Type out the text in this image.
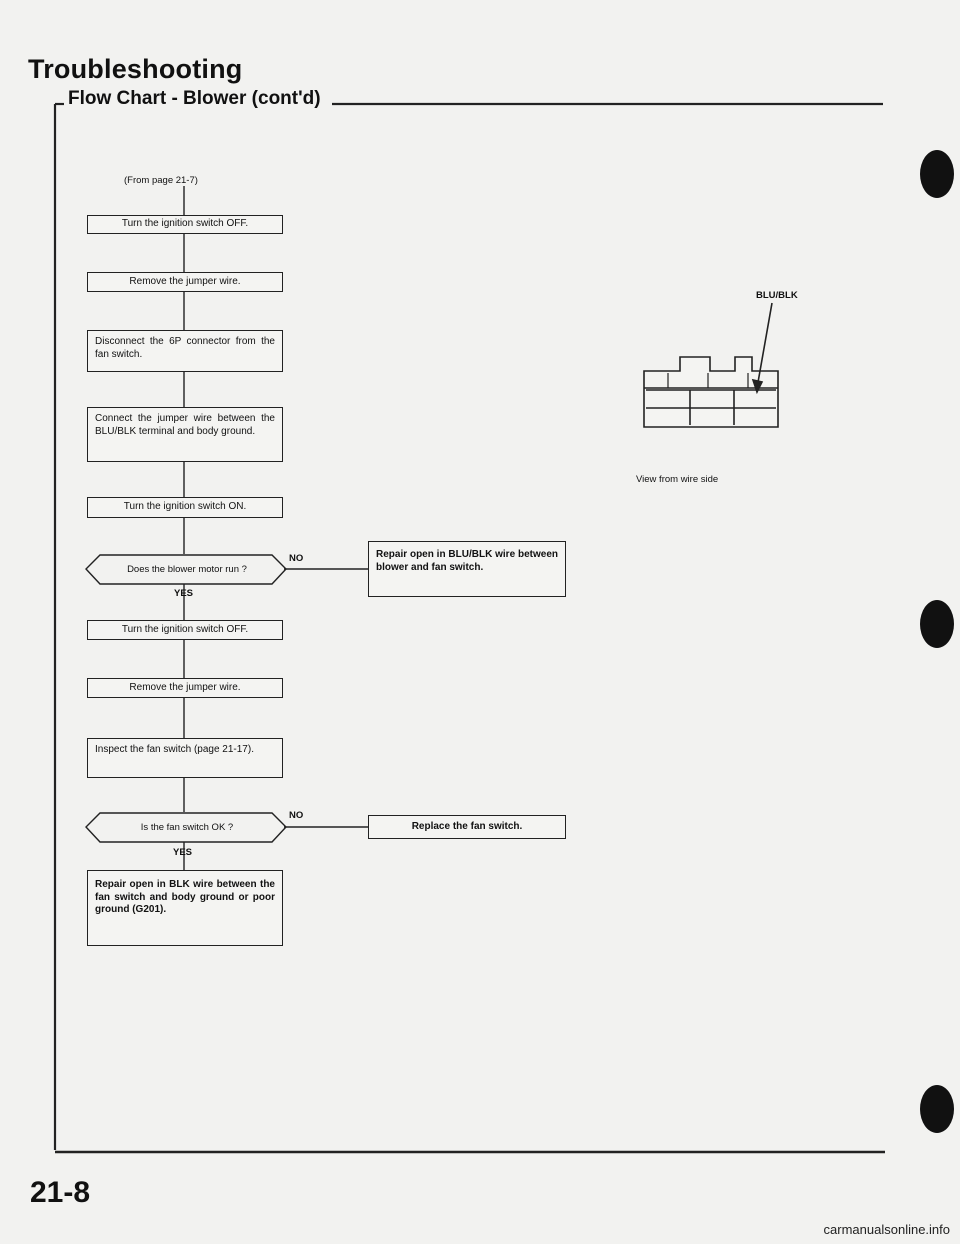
Troubleshooting
Flow Chart - Blower (cont'd)
(From page 21-7)
Turn the ignition switch OFF.
Remove the jumper wire.
Disconnect the 6P connector from the fan switch.
Connect the jumper wire between the BLU/BLK terminal and body ground.
Turn the ignition switch ON.
Does the blower motor run ?
NO
YES
Repair open in BLU/BLK wire between blower and fan switch.
Turn the ignition switch OFF.
Remove the jumper wire.
Inspect the fan switch (page 21-17).
Is the fan switch OK ?
NO
YES
Replace the fan switch.
Repair open in BLK wire between the fan switch and body ground or poor ground (G201).
BLU/BLK
View from wire side
21-8
carmanualsonline.info
